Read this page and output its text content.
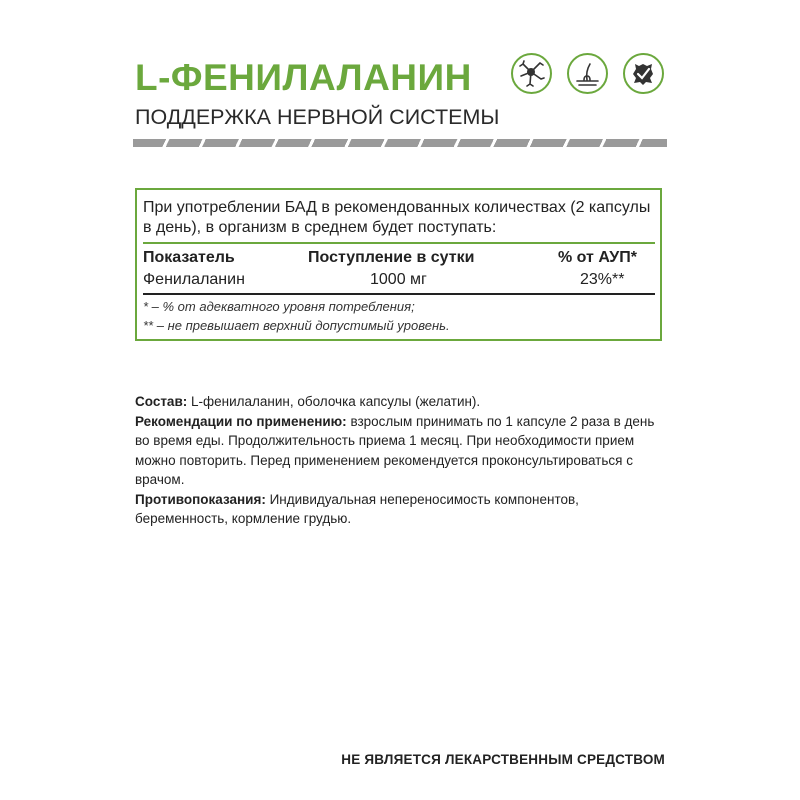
L-ФЕНИЛАЛАНИН
ПОДДЕРЖКА НЕРВНОЙ СИСТЕМЫ
При употреблении БАД в рекомендованных количествах (2 капсулы в день), в организм в среднем будет поступать:
Показатель	Поступление в сутки	% от АУП*
Фенилаланин	1000 мг	23%**
* – % от адекватного уровня потребления;
** – не превышает верхний допустимый уровень.
Состав: L-фенилаланин, оболочка капсулы (желатин).
Рекомендации по применению: взрослым принимать по 1 капсуле 2 раза в день во время еды. Продолжительность приема 1 месяц. При необходимости прием можно повторить. Перед применением рекомендуется проконсультироваться с врачом.
Противопоказания: Индивидуальная непереносимость компонентов, беременность, кормление грудью.
НЕ ЯВЛЯЕТСЯ ЛЕКАРСТВЕННЫМ СРЕДСТВОМ
